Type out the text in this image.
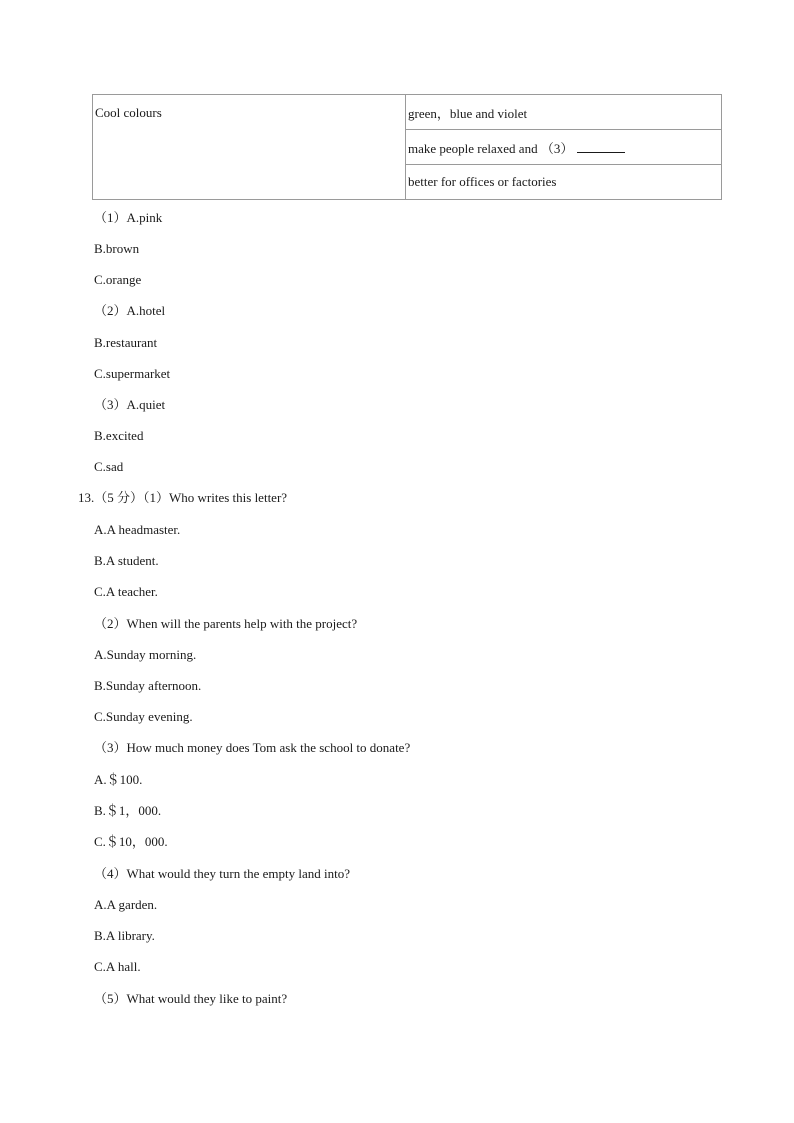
Cool colours	green，blue and violet
make people relaxed and （3）
better for offices or factories
（1）A.pink
B.brown
C.orange
（2）A.hotel
B.restaurant
C.supermarket
（3）A.quiet
B.excited
C.sad
13.（5 分）（1）Who writes this letter?
A.A headmaster.
B.A student.
C.A teacher.
（2）When will the parents help with the project?
A.Sunday morning.
B.Sunday afternoon.
C.Sunday evening.
（3）How much money does Tom ask the school to donate?
A.＄100.
B.＄1，000.
C.＄10，000.
（4）What would they turn the empty land into?
A.A garden.
B.A library.
C.A hall.
（5）What would they like to paint?
